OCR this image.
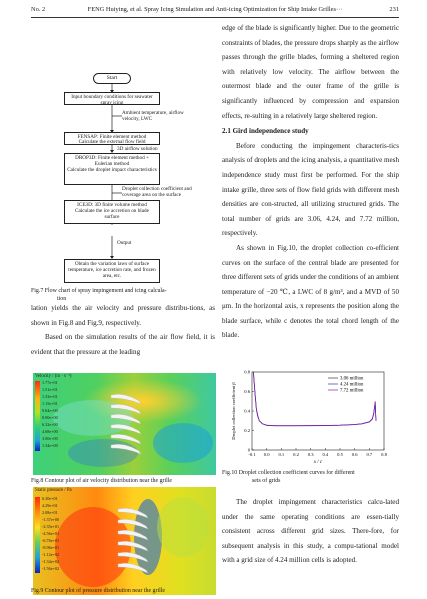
No. 2	FENG Huiying, et al. Spray Icing Simulation and Anti-icing Optimization for Ship Intake Grilles···	231
Start
Input boundary conditions for seawater spray icing
Ambient temperature, airflow velocity, LWC
FENSAP: Finite element method
Calculate the external flow field
3D airflow solution
DROP3D: Finite element method +
Eulerian method
Calculate the droplet impact characteristics
Droplet collection coefficient and
coverage area on the surface
ICE3D: 3D finite volume method
Calculate the ice accretion on blade surface
Output
Obtain the variation laws of surface temperature, ice accretion rate, and frozen area, etc.
Fig.7 Flow chart of spray impingement and icing calcula-
tion

lation yields the air velocity and pressure distribu-tions, as shown in Fig.8 and Fig.9, respectively.

Based on the simulation results of the air flow field, it is evident that the pressure at the leading

Velocity / (m · s⁻¹)
1.77e+01
1.51e+01
1.33e+01
1.15e+01
9.64e+00
8.00e+00
6.32e+00
4.68e+00
3.00e+00
1.34e+00
Fig.8 Contour plot of air velocity distribution near the grille
Static pressure / Pa
6.30e+01
4.29e+01
2.08e+01
-1.37e+00
-2.35e+01
-4.56e+01
-6.76e+01
-8.96e+01
-1.12e+02
-1.34e+02
-1.56e+02
Fig.9 Contour plot of pressure distribution near the grille

edge of the blade is significantly higher. Due to the geometric constraints of blades, the pressure drops sharply as the airflow passes through the grille blades, forming a sheltered region with relatively low velocity. The airflow between the outermost blade and the outer frame of the grille is significantly influenced by compression and expansion effects, re-sulting in a relatively large sheltered region.

2.1 Gird independence study

Before conducting the impingement characteris-tics analysis of droplets and the icing analysis, a quantitative mesh independence study must first be performed. For the ship intake grille, three sets of flow field grids with different mesh densities are con-structed, all utilizing structured grids. The total number of grids are 3.06, 4.24, and 7.72 million, respectively.

As shown in Fig.10, the droplet collection co-efficient curves on the surface of the central blade are presented for three different sets of grids under the conditions of an ambient temperature of −20 ℃, a LWC of 8 g/m³, and a MVD of 50 μm. In the horizontal axis, x represents the position along the blade surface, while c denotes the total chord length of the blade.

-0.1 0.0 0.1 0.2 0.3 0.4 0.5 0.6 0.7 0.8
0
0.2
0.4
0.6
0.8
x / c
Droplet collection coefficient β
3.06 million
4.24 million
7.72 million
Fig.10 Droplet collection coefficient curves for different
sets of grids

The droplet impingement characteristics calcu-lated under the same operating conditions are essen-tially consistent across different grid sizes. There-fore, for subsequent analysis in this study, a compu-tational model with a grid size of 4.24 million cells is adopted.
